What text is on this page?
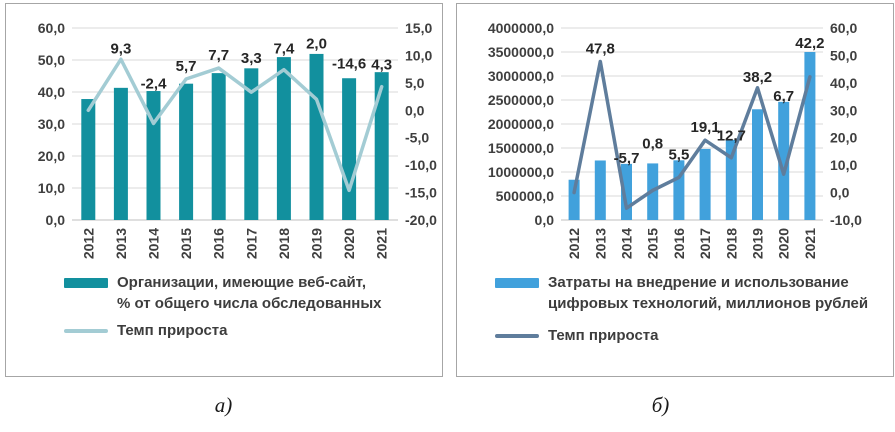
60,0
50,0
40,0
30,0
20,0
10,0
0,0
15,0
10,0
5,0
0,0
-5,0
-10,0
-15,0
-20,0
9,3
-2,4
5,7
7,7 3,3
7,4 2,0
-14,6 4,3
2012 2013 2014 2015 2016 2017 2018 2019 2020 2021
Организации, имеющие веб-сайт,
% от общего числа обследованных
Темп прироста
4000000,0
3500000,0
3000000,0
2500000,0
2000000,0
1500000,0
1000000,0
500000,0
0,0
60,0
50,0
40,0
30,0
20,0
10,0
0,0
-10,0
47,8
-5,7
0,8
5,5
19,1
12,7
38,2
6,7
42,2
2012 2013 2014 2015 2016 2017 2018 2019 2020 2021
Затраты на внедрение и использование
цифровых технологий, миллионов рублей
Темп прироста
а)	б)
